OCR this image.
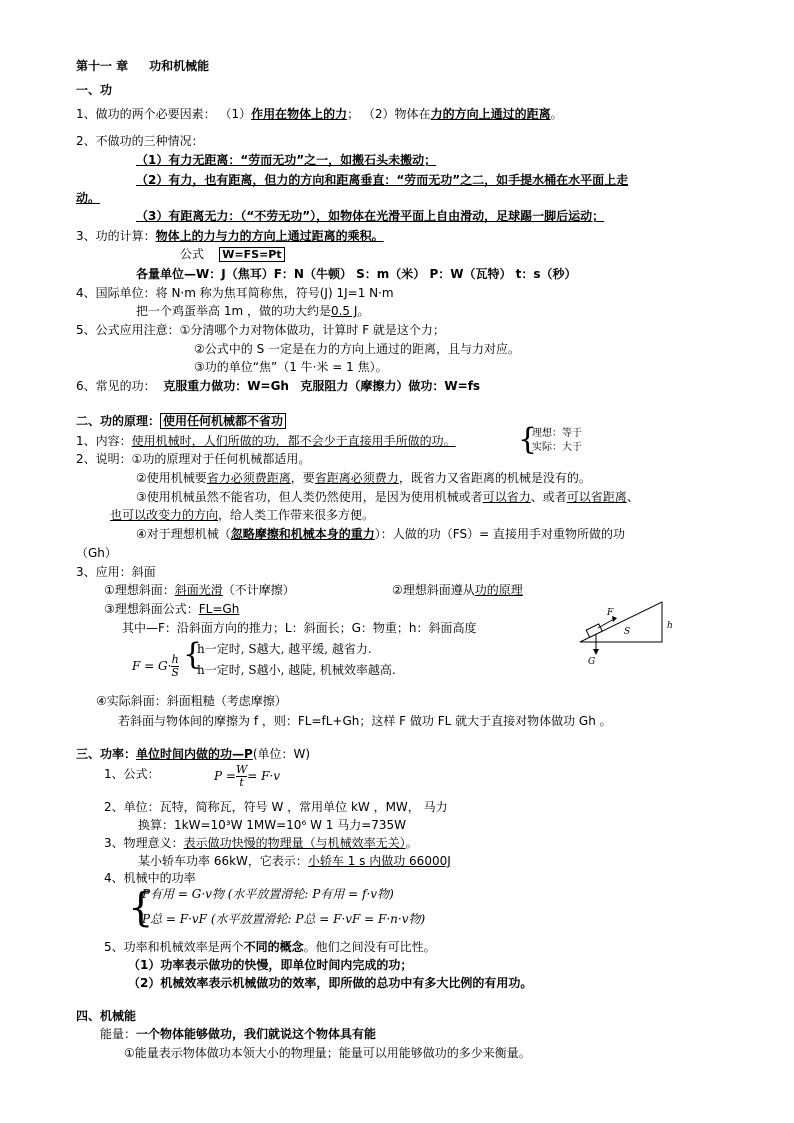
第十一 章 功和机械能
一、功
1、做功的两个必要因素： （1）作用在物体上的力； （2）物体在力的方向上通过的距离。
2、不做功的三种情况：
（1）有力无距离：“劳而无功”之一，如搬石头未搬动；
（2）有力，也有距离，但力的方向和距离垂直：“劳而无功”之二，如手提水桶在水平面上走
动。
（3）有距离无力：（“不劳无功”），如物体在光滑平面上自由滑动，足球踢一脚后运动；
3、功的计算：物体上的力与力的方向上通过距离的乘积。
公式 W=FS=Pt
各量单位—W：J（焦耳）F：N（牛顿） S：m（米） P：W（瓦特） t：s（秒）
4、国际单位：将 N·m 称为焦耳简称焦，符号(J) 1J=1 N·m
把一个鸡蛋举高 1m ，做的功大约是0.5 J。
5、公式应用注意：①分清哪个力对物体做功，计算时 F 就是这个力；
②公式中的 S 一定是在力的方向上通过的距离，且与力对应。
③功的单位“焦”（1 牛·米 = 1 焦）。
6、常见的功： 克服重力做功：W=Gh 克服阻力（摩擦力）做功：W=fs
二、功的原理： 使用任何机械都不省功
1、内容：使用机械时，人们所做的功，都不会少于直接用手所做的功。 {
理想：等于
实际：大于
2、说明：①功的原理对于任何机械都适用。
②使用机械要省力必须费距离，要省距离必须费力，既省力又省距离的机械是没有的。
③使用机械虽然不能省功，但人类仍然使用，是因为使用机械或者可以省力、或者可以省距离、
也可以改变力的方向，给人类工作带来很多方便。
④对于理想机械（忽略摩擦和机械本身的重力）：人做的功（FS）= 直接用手对重物所做的功
（Gh）
3、应用：斜面
①理想斜面：斜面光滑（不计摩擦）	②理想斜面遵从功的原理
③理想斜面公式：FL=Gh
其中—F：沿斜面方向的推力；L：斜面长；G：物重；h：斜面高度
$F = G\cdot \frac{h}{S}$ {
h一定时, S越大, 越平缓, 越省力.
h一定时, S越小, 越陡, 机械效率越高.
F
S
h
G
④实际斜面：斜面粗糙（考虑摩擦）
若斜面与物体间的摩擦为 f ，则：FL=fL+Gh；这样 F 做功 FL 就大于直接对物体做功 Gh 。
三、功率：单位时间内做的功—P(单位：W)
1、公式：	$P = \frac{W}{t} = F\cdot v$
2、单位：瓦特，简称瓦，符号 W ，常用单位 kW ，MW， 马力
换算：1kW=10³W 1MW=10⁶ W 1 马力=735W
3、物理意义：表示做功快慢的物理量（与机械效率无关）。
某小轿车功率 66kW，它表示：小轿车 1 s 内做功 66000J
4、机械中的功率
{
P有用 = G·v物 (水平放置滑轮: P有用 = f·v物)
P总 = F·vF (水平放置滑轮: P总 = F·vF = F·n·v物)
5、功率和机械效率是两个不同的概念。他们之间没有可比性。
（1）功率表示做功的快慢，即单位时间内完成的功；
（2）机械效率表示机械做功的效率，即所做的总功中有多大比例的有用功。
四、机械能
能量：一个物体能够做功，我们就说这个物体具有能
①能量表示物体做功本领大小的物理量；能量可以用能够做功的多少来衡量。
